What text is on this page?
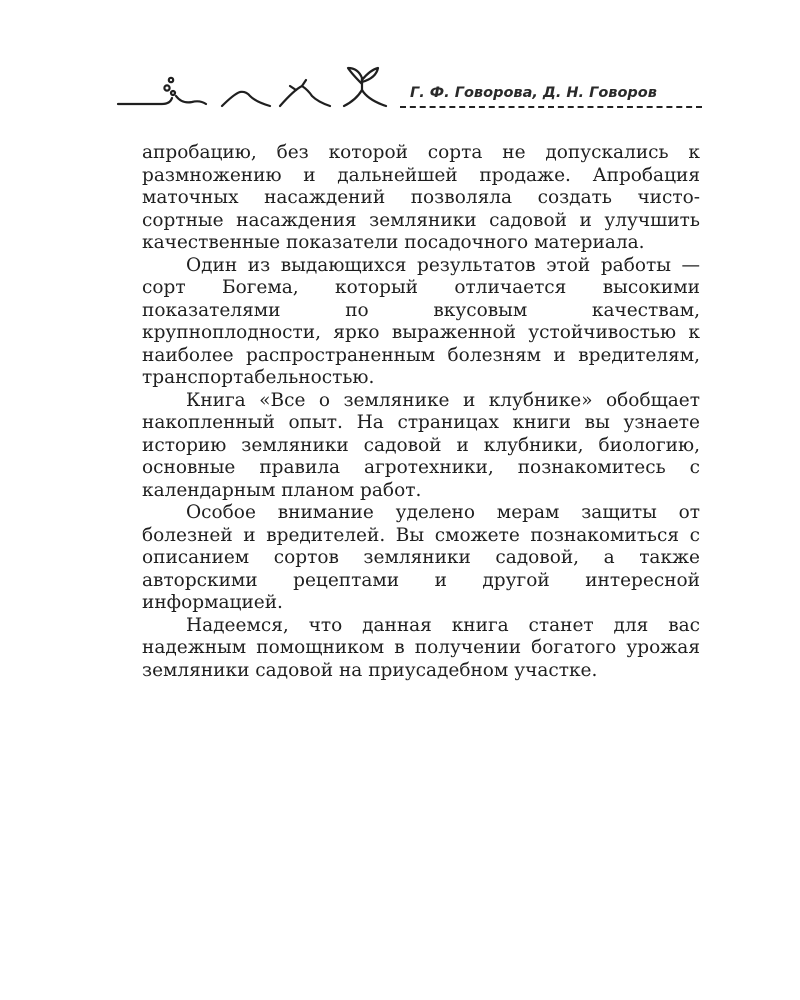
Г. Ф. Говорова, Д. Н. Говоров

апробацию, без которой сорта не допускались к размножению и дальнейшей продаже. Апробация маточных насаждений позволяла создать чисто-сортные насаждения земляники садовой и улучшить качественные показатели посадочного материала.

Один из выдающихся результатов этой работы — сорт Богема, который отличается высокими показателями по вкусовым качествам, крупноплодности, ярко выраженной устойчивостью к наиболее распространенным болезням и вредителям, транспортабельностью.

Книга «Все о землянике и клубнике» обобщает накопленный опыт. На страницах книги вы узнаете историю земляники садовой и клубники, биологию, основные правила агротехники, познакомитесь с календарным планом работ.

Особое внимание уделено мерам защиты от болезней и вредителей. Вы сможете познакомиться с описанием сортов земляники садовой, а также авторскими рецептами и другой интересной информацией.

Надеемся, что данная книга станет для вас надежным помощником в получении богатого урожая земляники садовой на приусадебном участке.
